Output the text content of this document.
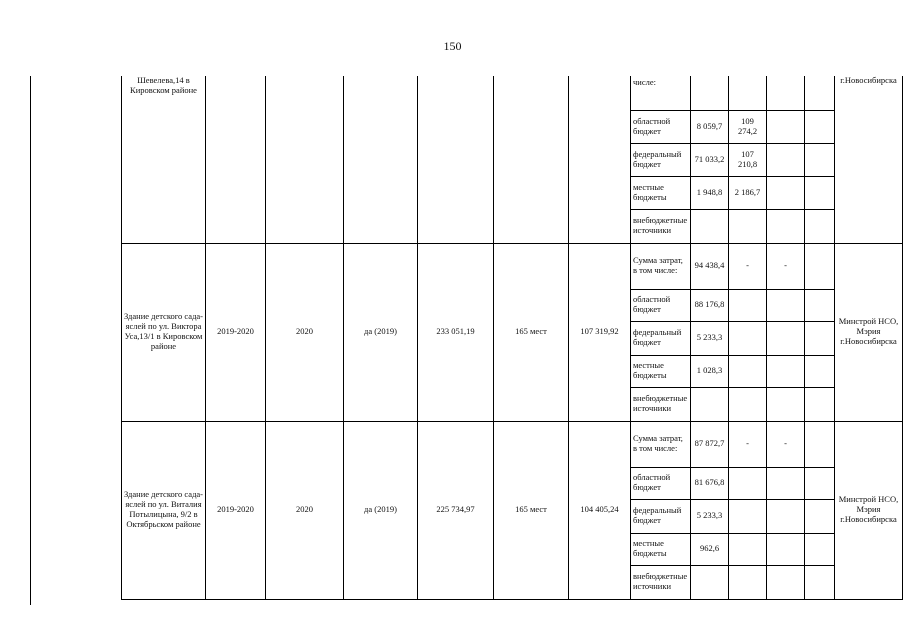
150
Шевелева,14 в Кировском районе							числе:					г.Новосибирска
							областной бюджет	8 059,7	109 274,2			
							федеральный бюджет	71 033,2	107 210,8			
							местные бюджеты	1 948,8	2 186,7			
							внебюджетные источники					
Здание детского сада-яслей по ул. Виктора Уса,13/1 в Кировском районе	2019-2020	2020	да (2019)	233 051,19	165 мест	107 319,92	Сумма затрат, в том числе:	94 438,4	-	-		Минстрой НСО, Мэрия г.Новосибирска
							областной бюджет	88 176,8				
							федеральный бюджет	5 233,3				
							местные бюджеты	1 028,3				
							внебюджетные источники					
Здание детского сада-яслей по ул. Виталия Потылицына, 9/2 в Октябрьском районе	2019-2020	2020	да (2019)	225 734,97	165 мест	104 405,24	Сумма затрат, в том числе:	87 872,7	-	-		Минстрой НСО, Мэрия г.Новосибирска
							областной бюджет	81 676,8				
							федеральный бюджет	5 233,3				
							местные бюджеты	962,6				
							внебюджетные источники					
